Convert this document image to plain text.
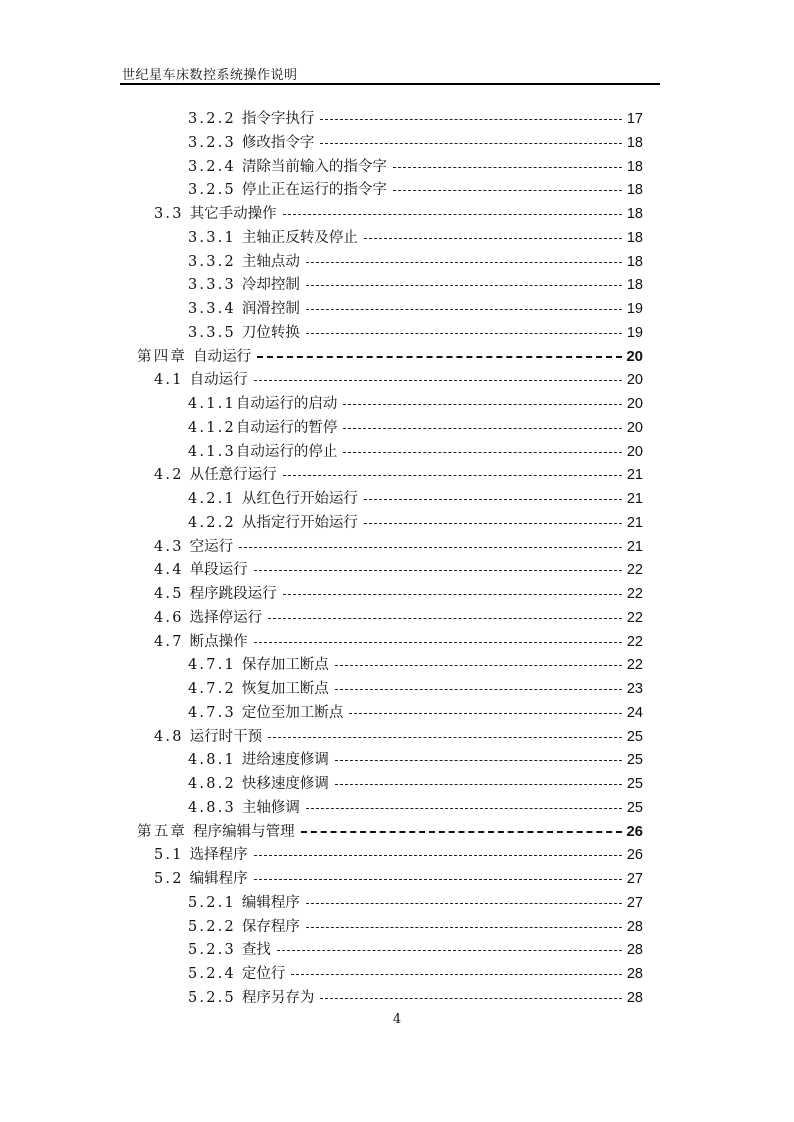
世纪星车床数控系统操作说明
3.2.2 指令字执行	17
3.2.3 修改指令字	18
3.2.4 清除当前输入的指令字	18
3.2.5 停止正在运行的指令字	18
3.3 其它手动操作	18
3.3.1 主轴正反转及停止	18
3.3.2 主轴点动	18
3.3.3 冷却控制	18
3.3.4 润滑控制	19
3.3.5 刀位转换	19
第四章 自动运行	20
4.1 自动运行	20
4.1.1 自动运行的启动	20
4.1.2 自动运行的暂停	20
4.1.3 自动运行的停止	20
4.2 从任意行运行	21
4.2.1 从红色行开始运行	21
4.2.2 从指定行开始运行	21
4.3 空运行	21
4.4 单段运行	22
4.5 程序跳段运行	22
4.6 选择停运行	22
4.7 断点操作	22
4.7.1 保存加工断点	22
4.7.2 恢复加工断点	23
4.7.3 定位至加工断点	24
4.8 运行时干预	25
4.8.1 进给速度修调	25
4.8.2 快移速度修调	25
4.8.3 主轴修调	25
第五章 程序编辑与管理	26
5.1 选择程序	26
5.2 编辑程序	27
5.2.1 编辑程序	27
5.2.2 保存程序	28
5.2.3 查找	28
5.2.4 定位行	28
5.2.5 程序另存为	28
4
